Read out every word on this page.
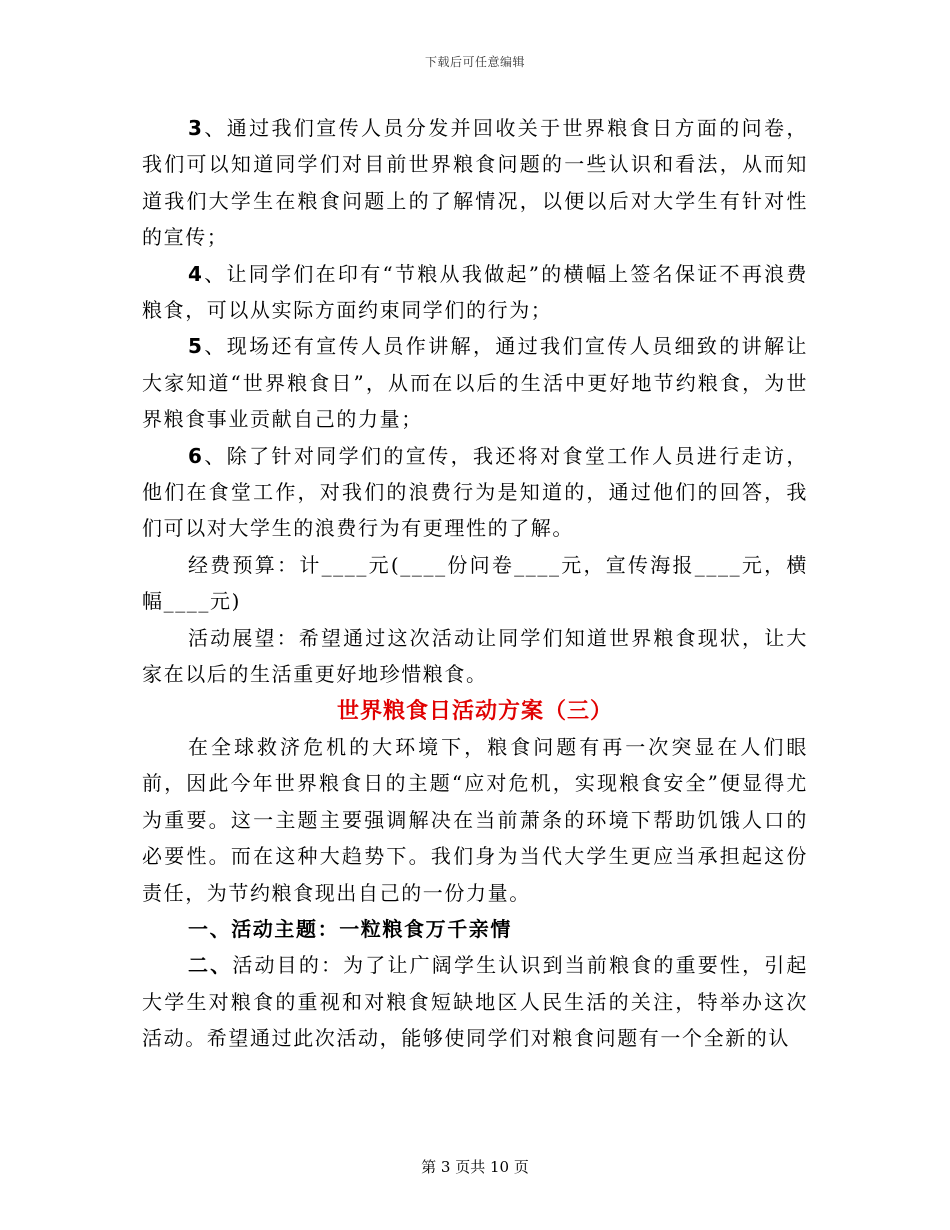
下载后可任意编辑

3、通过我们宣传人员分发并回收关于世界粮食日方面的问卷，我们可以知道同学们对目前世界粮食问题的一些认识和看法，从而知道我们大学生在粮食问题上的了解情况，以便以后对大学生有针对性的宣传；

4、让同学们在印有“节粮从我做起”的横幅上签名保证不再浪费粮食，可以从实际方面约束同学们的行为；

5、现场还有宣传人员作讲解，通过我们宣传人员细致的讲解让大家知道“世界粮食日”，从而在以后的生活中更好地节约粮食，为世界粮食事业贡献自己的力量；

6、除了针对同学们的宣传，我还将对食堂工作人员进行走访，他们在食堂工作，对我们的浪费行为是知道的，通过他们的回答，我们可以对大学生的浪费行为有更理性的了解。

经费预算：计____元(____份问卷____元，宣传海报____元，横幅____元)

活动展望：希望通过这次活动让同学们知道世界粮食现状，让大家在以后的生活重更好地珍惜粮食。

世界粮食日活动方案（三）

在全球救济危机的大环境下，粮食问题有再一次突显在人们眼前，因此今年世界粮食日的主题“应对危机，实现粮食安全”便显得尤为重要。这一主题主要强调解决在当前萧条的环境下帮助饥饿人口的必要性。而在这种大趋势下。我们身为当代大学生更应当承担起这份责任，为节约粮食现出自己的一份力量。

一、活动主题：一粒粮食万千亲情

二、活动目的：为了让广阔学生认识到当前粮食的重要性，引起大学生对粮食的重视和对粮食短缺地区人民生活的关注，特举办这次活动。希望通过此次活动，能够使同学们对粮食问题有一个全新的认

第 3 页共 10 页
